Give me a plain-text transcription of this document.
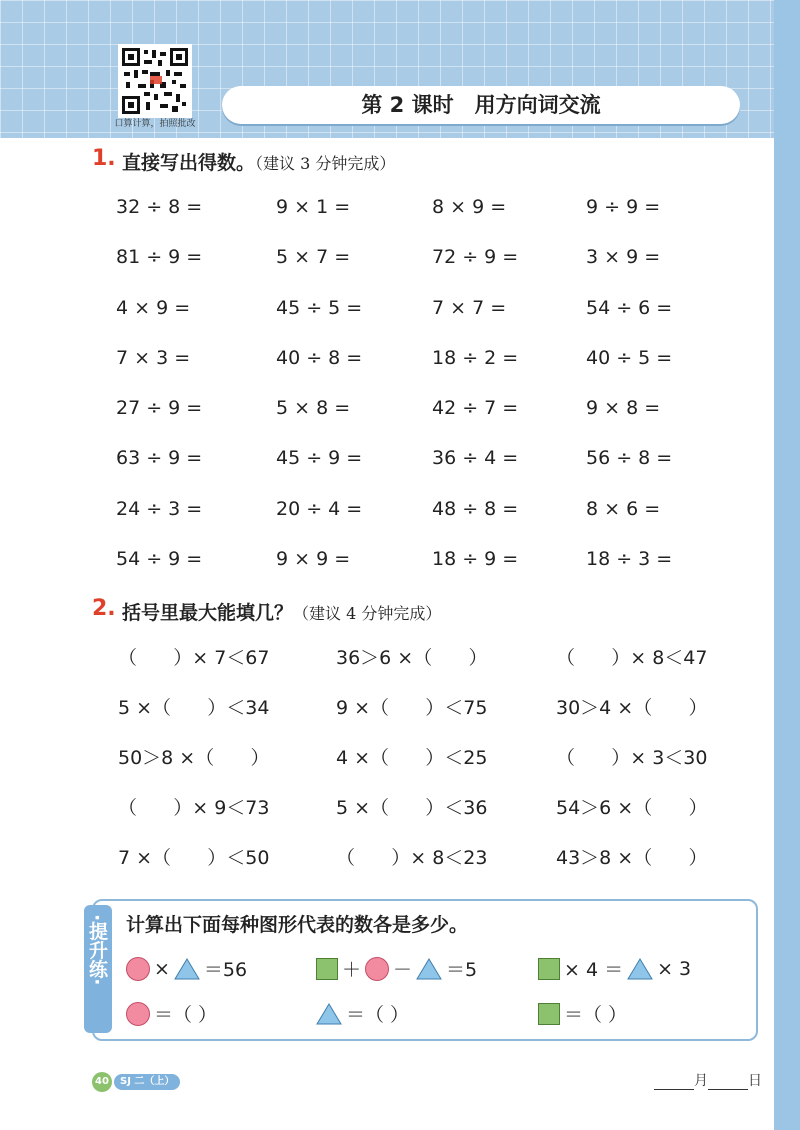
口算计算，拍照批改
第 2 课时　用方向词交流
1. 直接写出得数。（建议 3 分钟完成）
32 ÷ 8 =	9 × 1 =	8 × 9 =	9 ÷ 9 =
81 ÷ 9 =	5 × 7 =	72 ÷ 9 =	3 × 9 =
4 × 9 =	45 ÷ 5 =	7 × 7 =	54 ÷ 6 =
7 × 3 =	40 ÷ 8 =	18 ÷ 2 =	40 ÷ 5 =
27 ÷ 9 =	5 × 8 =	42 ÷ 7 =	9 × 8 =
63 ÷ 9 =	45 ÷ 9 =	36 ÷ 4 =	56 ÷ 8 =
24 ÷ 3 =	20 ÷ 4 =	48 ÷ 8 =	8 × 6 =
54 ÷ 9 =	9 × 9 =	18 ÷ 9 =	18 ÷ 3 =
2. 括号里最大能填几？（建议 4 分钟完成）
（      ）× 7＜67	36＞6 ×（      ）	（      ）× 8＜47
5 ×（      ）＜34	9 ×（      ）＜75	30＞4 ×（      ）
50＞8 ×（      ）	4 ×（      ）＜25	（      ）× 3＜30
（      ）× 9＜73	5 ×（      ）＜36	54＞6 ×（      ）
7 ×（      ）＜50	（      ）× 8＜23	43＞8 ×（      ）
·提升练· 计算出下面每种图形代表的数各是多少。
× ＝56	＋ － ＝5	× 4 ＝ × 3
＝（ ）	＝（ ）	＝（ ）
40	SJ 二（上）	月	日
